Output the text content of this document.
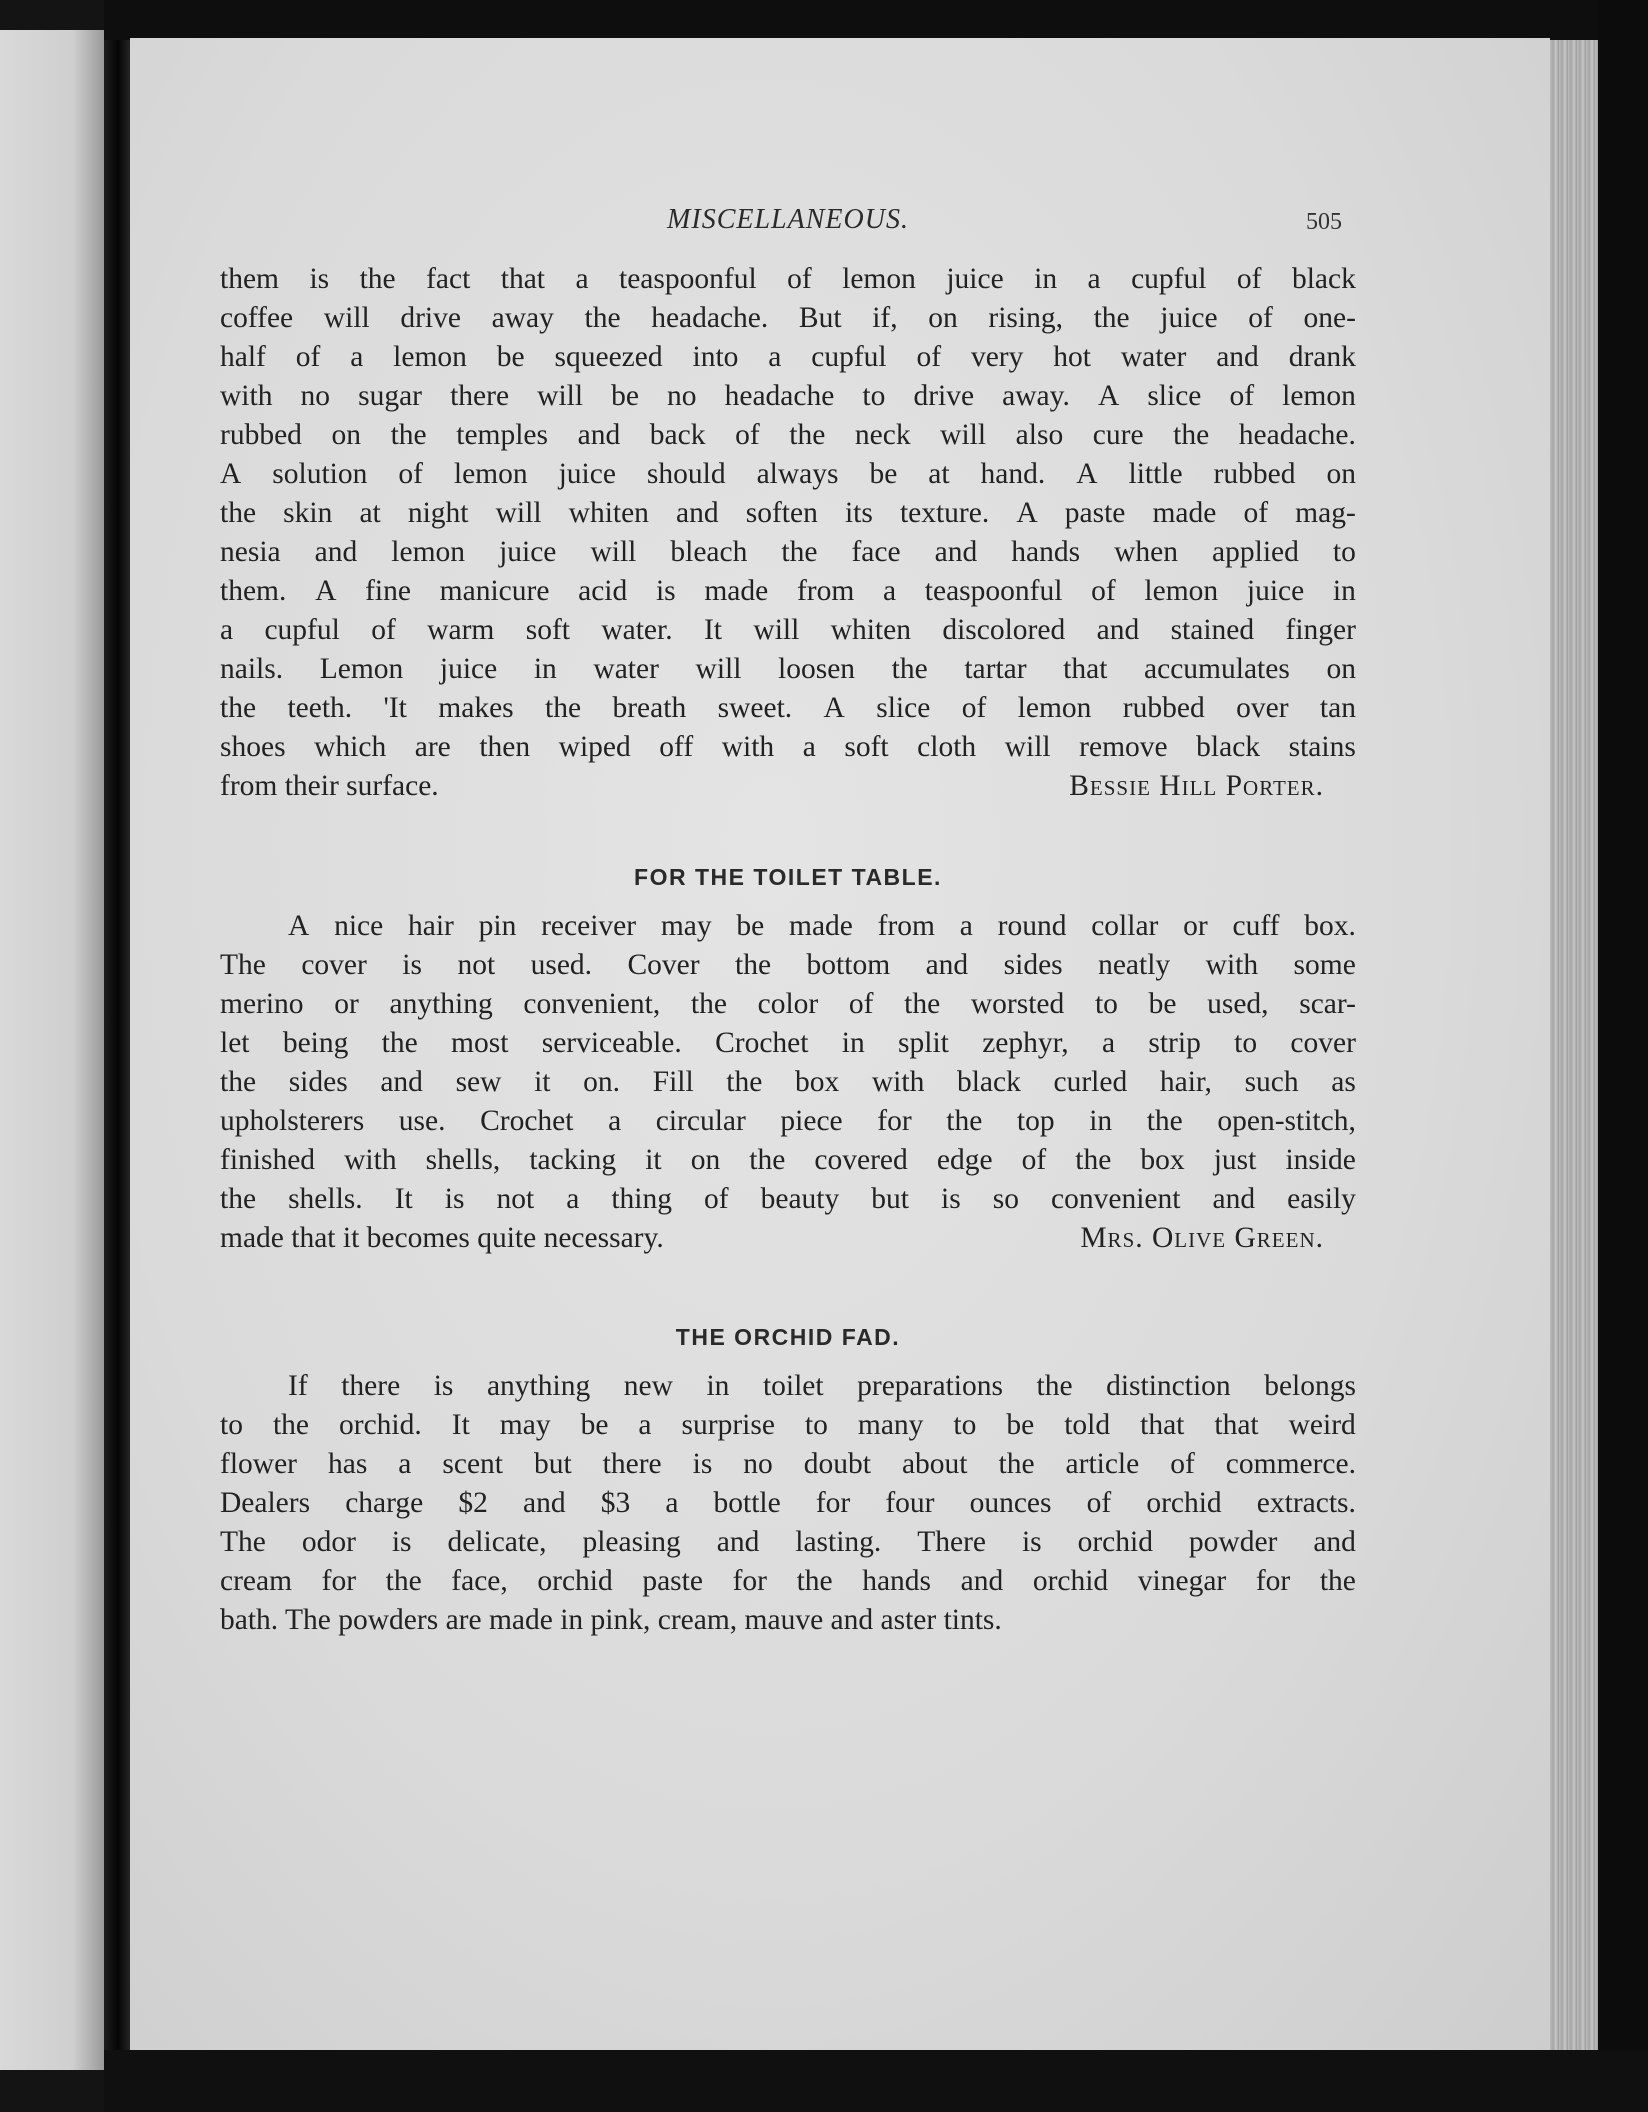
MISCELLANEOUS.	505
them is the fact that a teaspoonful of lemon juice in a cupful of black
coffee will drive away the headache. But if, on rising, the juice of one-
half of a lemon be squeezed into a cupful of very hot water and drank
with no sugar there will be no headache to drive away. A slice of lemon
rubbed on the temples and back of the neck will also cure the headache.
A solution of lemon juice should always be at hand. A little rubbed on
the skin at night will whiten and soften its texture. A paste made of mag-
nesia and lemon juice will bleach the face and hands when applied to
them. A fine manicure acid is made from a teaspoonful of lemon juice in
a cupful of warm soft water. It will whiten discolored and stained finger
nails. Lemon juice in water will loosen the tartar that accumulates on
the teeth. 'It makes the breath sweet. A slice of lemon rubbed over tan
shoes which are then wiped off with a soft cloth will remove black stains
from their surface.	Bessie Hill Porter.
FOR THE TOILET TABLE.
A nice hair pin receiver may be made from a round collar or cuff box.
The cover is not used. Cover the bottom and sides neatly with some
merino or anything convenient, the color of the worsted to be used, scar-
let being the most serviceable. Crochet in split zephyr, a strip to cover
the sides and sew it on. Fill the box with black curled hair, such as
upholsterers use. Crochet a circular piece for the top in the open-stitch,
finished with shells, tacking it on the covered edge of the box just inside
the shells. It is not a thing of beauty but is so convenient and easily
made that it becomes quite necessary.	Mrs. Olive Green.
THE ORCHID FAD.
If there is anything new in toilet preparations the distinction belongs
to the orchid. It may be a surprise to many to be told that that weird
flower has a scent but there is no doubt about the article of commerce.
Dealers charge $2 and $3 a bottle for four ounces of orchid extracts.
The odor is delicate, pleasing and lasting. There is orchid powder and
cream for the face, orchid paste for the hands and orchid vinegar for the
bath. The powders are made in pink, cream, mauve and aster tints.
